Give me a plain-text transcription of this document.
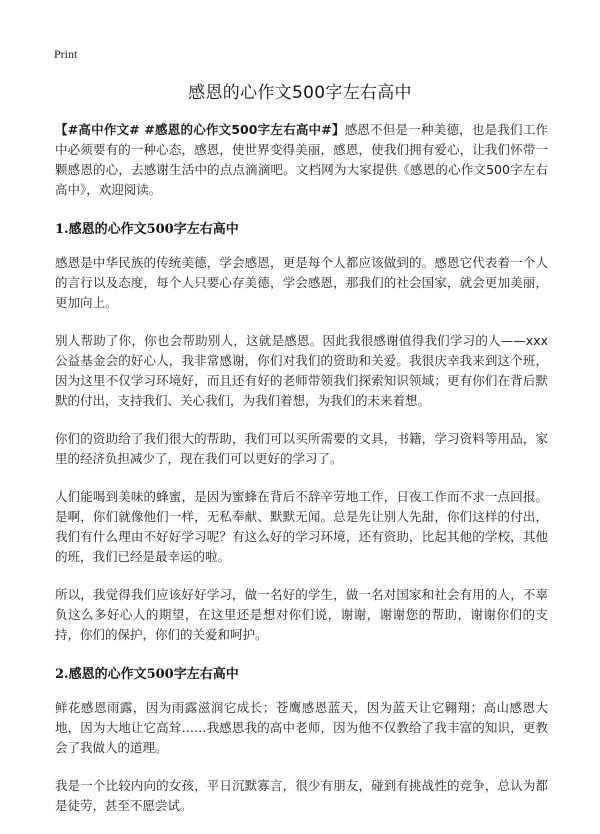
Print
感恩的心作文500字左右高中

【#高中作文# #感恩的心作文500字左右高中#】感恩不但是一种美德，也是我们工作中必须要有的一种心态，感恩，使世界变得美丽，感恩，使我们拥有爱心，让我们怀带一颗感恩的心，去感谢生活中的点点滴滴吧。文档网为大家提供《感恩的心作文500字左右高中》，欢迎阅读。

1.感恩的心作文500字左右高中

感恩是中华民族的传统美德，学会感恩，更是每个人都应该做到的。感恩它代表着一个人的言行以及态度，每个人只要心存美德，学会感恩，那我们的社会国家，就会更加美丽，更加向上。

别人帮助了你，你也会帮助别人，这就是感恩。因此我很感谢值得我们学习的人——xxx公益基金会的好心人，我非常感谢，你们对我们的资助和关爱。我很庆幸我来到这个班，因为这里不仅学习环境好，而且还有好的老师带领我们探索知识领域；更有你们在背后默默的付出，支持我们、关心我们，为我们着想，为我们的未来着想。

你们的资助给了我们很大的帮助，我们可以买所需要的文具，书籍，学习资料等用品，家里的经济负担减少了，现在我们可以更好的学习了。

人们能喝到美味的蜂蜜，是因为蜜蜂在背后不辞辛劳地工作，日夜工作而不求一点回报。是啊，你们就像他们一样，无私奉献、默默无闻。总是先让别人先甜，你们这样的付出，我们有什么理由不好好学习呢？有这么好的学习环境，还有资助，比起其他的学校，其他的班，我们已经是最幸运的啦。

所以，我觉得我们应该好好学习，做一名好的学生，做一名对国家和社会有用的人，不辜负这么多好心人的期望，在这里还是想对你们说，谢谢，谢谢您的帮助，谢谢你们的支持，你们的保护，你们的关爱和呵护。

2.感恩的心作文500字左右高中

鲜花感恩雨露，因为雨露滋润它成长；苍鹰感恩蓝天，因为蓝天让它翱翔；高山感恩大地，因为大地让它高耸……我感恩我的高中老师，因为他不仅教给了我丰富的知识，更教会了我做人的道理。

我是一个比较内向的女孩，平日沉默寡言，很少有朋友，碰到有挑战性的竞争，总认为都是徒劳，甚至不愿尝试。
